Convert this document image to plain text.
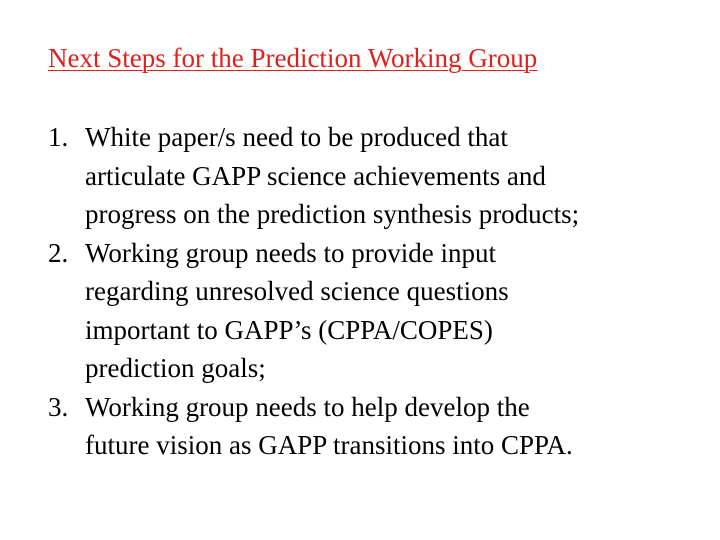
Next Steps for the Prediction Working Group
1. White paper/s need to be produced that
articulate GAPP science achievements and
progress on the prediction synthesis products;
2. Working group needs to provide input
regarding unresolved science questions
important to GAPP’s (CPPA/COPES)
prediction goals;
3. Working group needs to help develop the
future vision as GAPP transitions into CPPA.
